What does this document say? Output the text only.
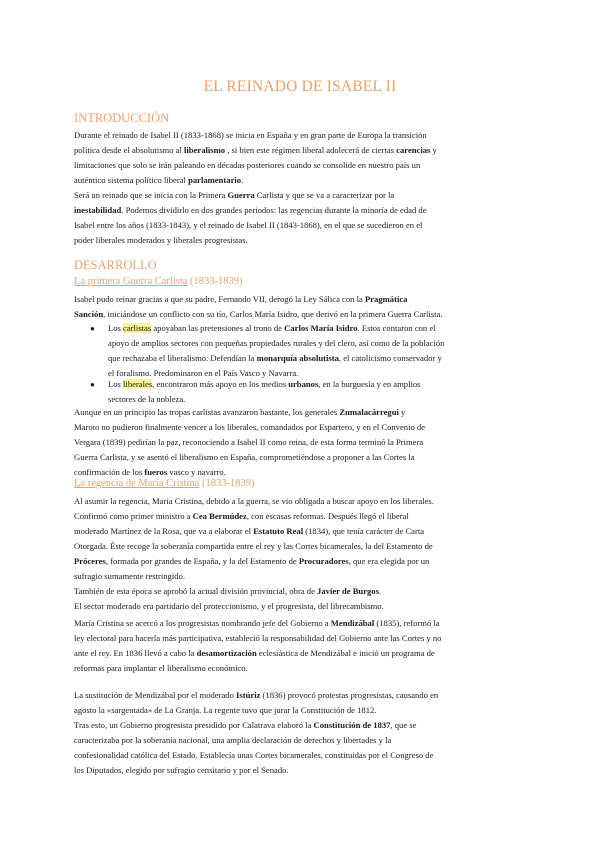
EL REINADO DE ISABEL II
INTRODUCCIÓN
Durante el reinado de Isabel II (1833-1868) se inicia en España y en gran parte de Europa la transición
política desde el absolutismo al liberalismo , si bien este régimen liberal adolecerá de ciertas carencias y
limitaciones que solo se irán paleando en décadas posteriores cuando se consolide en nuestro país un
auténtico sistema político liberal parlamentario.
Será un reinado que se inicia con la Primera Guerra Carlista y que se va a caracterizar por la
inestabilidad. Podemos dividirlo en dos grandes periodos: las regencias durante la minoría de edad de
Isabel entre los años (1833-1843), y el reinado de Isabel II (1843-1868), en el que se sucedieron en el
poder liberales moderados y liberales progresistas.
DESARROLLO
La primera Guerra Carlista (1833-1839)
Isabel pudo reinar gracias a que su padre, Fernando VII, derogó la Ley Sálica con la Pragmática
Sanción, iniciándose un conflicto con su tío, Carlos María Isidro, que derivó en la primera Guerra Carlista.
● Los carlistas apoyaban las pretensiones al trono de Carlos María Isidro. Estos contaron con el
apoyo de amplios sectores con pequeñas propiedades rurales y del clero, así como de la población
que rechazaba el liberalismo. Defendían la monarquía absolutista, el catolicismo conservador y
el foralismo. Predominaron en el País Vasco y Navarra.
● Los liberales, encontraron más apoyo en los medios urbanos, en la burguesía y en amplios
sectores de la nobleza.
Aunque en un principio las tropas carlistas avanzaron bastante, los generales Zumalacárregui y
Maroto no pudieron finalmente vencer a los liberales, comandados por Espartero, y en el Convenio de
Vergara (1839) pedirían la paz, reconociendo a Isabel II como reina, de esta forma terminó la Primera
Guerra Carlista, y se asentó el liberalismo en España, comprometiéndose a proponer a las Cortes la
confirmación de los fueros vasco y navarro.
La regencia de María Cristina (1833-1839)
Al asumir la regencia, María Cristina, debido a la guerra, se vio obligada a buscar apoyo en los liberales.
Confirmó como primer ministro a Cea Bermúdez, con escasas reformas. Después llegó el liberal
moderado Martínez de la Rosa, que va a elaborar el Estatuto Real (1834), que tenía carácter de Carta
Otorgada. Éste recoge la soberanía compartida entre el rey y las Cortes bicamerales, la del Estamento de
Próceres, formada por grandes de España, y la del Estamento de Procuradores, que era elegida por un
sufragio sumamente restringido.
También de esta época se aprobó la actual división provincial, obra de Javier de Burgos.
El sector moderado era partidario del proteccionismo, y el progresista, del librecambismo.
María Cristina se acercó a los progresistas nombrando jefe del Gobierno a Mendizábal (1835), reformó la
ley electoral para hacerla más participativa, estableció la responsabilidad del Gobierno ante las Cortes y no
ante el rey. En 1836 llevó a cabo la desamortización eclesiástica de Mendizábal e inició un programa de
reformas para implantar el liberalismo económico.
La sustitución de Mendizábal por el moderado Istúriz (1836) provocó protestas progresistas, causando en
agosto la «sargentada» de La Granja. La regente tuvo que jurar la Constitución de 1812.
Tras esto, un Gobierno progresista presidido por Calatrava elaboró la Constitución de 1837, que se
caracterizaba por la soberanía nacional, una amplia declaración de derechos y libertades y la
confesionalidad católica del Estado. Establecía unas Cortes bicamerales, constituidas por el Congreso de
los Diputados, elegido por sufragio censitario y por el Senado.
